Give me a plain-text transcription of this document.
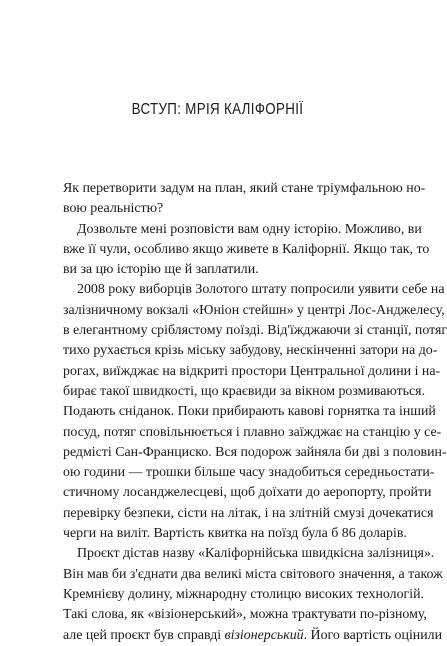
ВСТУП: МРІЯ КАЛІФОРНІЇ
Як перетворити задум на план, який стане тріумфальною но-
вою реальністю?
Дозвольте мені розповісти вам одну історію. Можливо, ви
вже її чули, особливо якщо живете в Каліфорнії. Якщо так, то
ви за цю історію ще й заплатили.
2008 року виборців Золотого штату попросили уявити себе на
залізничному вокзалі «Юніон стейшн» у центрі Лос-Анджелесу,
в елегантному сріблястому поїзді. Від'їжджаючи зі станції, потяг
тихо рухається крізь міську забудову, нескінченні затори на до-
рогах, виїжджає на відкриті простори Центральної долини і на-
бирає такої швидкості, що краєвиди за вікном розмиваються.
Подають сніданок. Поки прибирають кавові горнятка та інший
посуд, потяг сповільнюється і плавно заїжджає на станцію у се-
редмісті Сан-Франциско. Вся подорож зайняла би дві з половин-
ою години — трошки більше часу знадобиться середньостати-
стичному лосанджелесцеві, щоб доїхати до аеропорту, пройти
перевірку безпеки, сісти на літак, і на злітній смузі дочекатися
черги на виліт. Вартість квитка на поїзд була б 86 доларів.
Проєкт дістав назву «Каліфорнійська швидкісна залізниця».
Він мав би з'єднати два великі міста світового значення, а також
Кремнієву долину, міжнародну столицю високих технологій.
Такі слова, як «візіонерський», можна трактувати по-різному,
але цей проєкт був справді візіонерський. Його вартість оцінили
